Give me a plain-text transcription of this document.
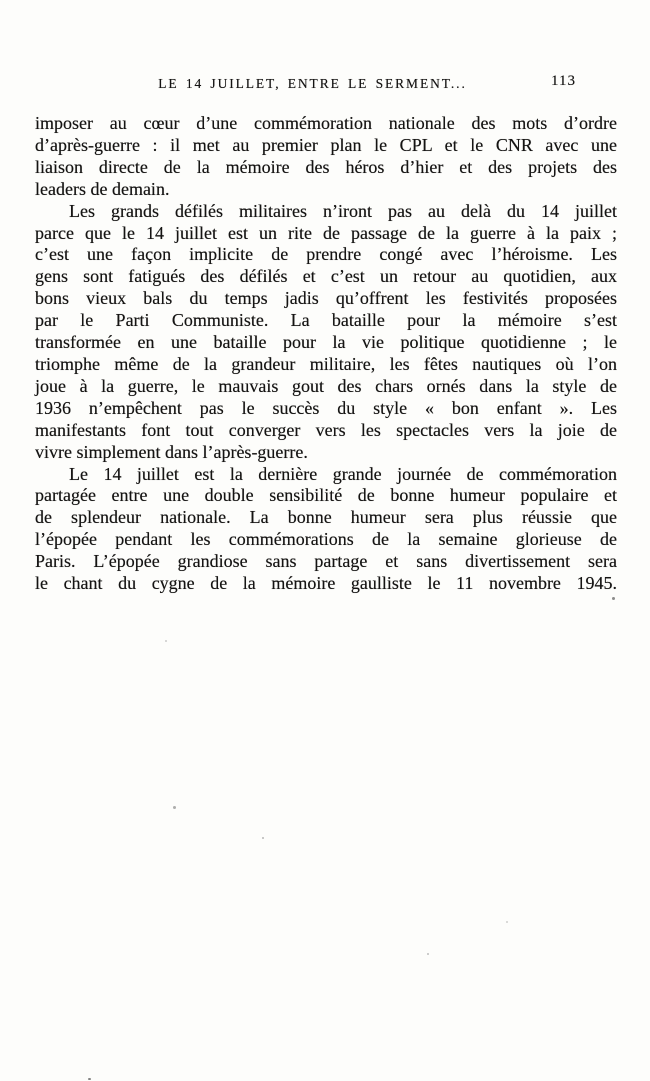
LE 14 JUILLET, ENTRE LE SERMENT...	113
imposer au cœur d’une commémoration nationale des mots d’ordre
d’après-guerre : il met au premier plan le CPL et le CNR avec une
liaison directe de la mémoire des héros d’hier et des projets des
leaders de demain.
Les grands défilés militaires n’iront pas au delà du 14 juillet
parce que le 14 juillet est un rite de passage de la guerre à la paix ;
c’est une façon implicite de prendre congé avec l’héroisme. Les
gens sont fatigués des défilés et c’est un retour au quotidien, aux
bons vieux bals du temps jadis qu’offrent les festivités proposées
par le Parti Communiste. La bataille pour la mémoire s’est
transformée en une bataille pour la vie politique quotidienne ; le
triomphe même de la grandeur militaire, les fêtes nautiques où l’on
joue à la guerre, le mauvais gout des chars ornés dans la style de
1936 n’empêchent pas le succès du style « bon enfant ». Les
manifestants font tout converger vers les spectacles vers la joie de
vivre simplement dans l’après-guerre.
Le 14 juillet est la dernière grande journée de commémoration
partagée entre une double sensibilité de bonne humeur populaire et
de splendeur nationale. La bonne humeur sera plus réussie que
l’épopée pendant les commémorations de la semaine glorieuse de
Paris. L’épopée grandiose sans partage et sans divertissement sera
le chant du cygne de la mémoire gaulliste le 11 novembre 1945.
